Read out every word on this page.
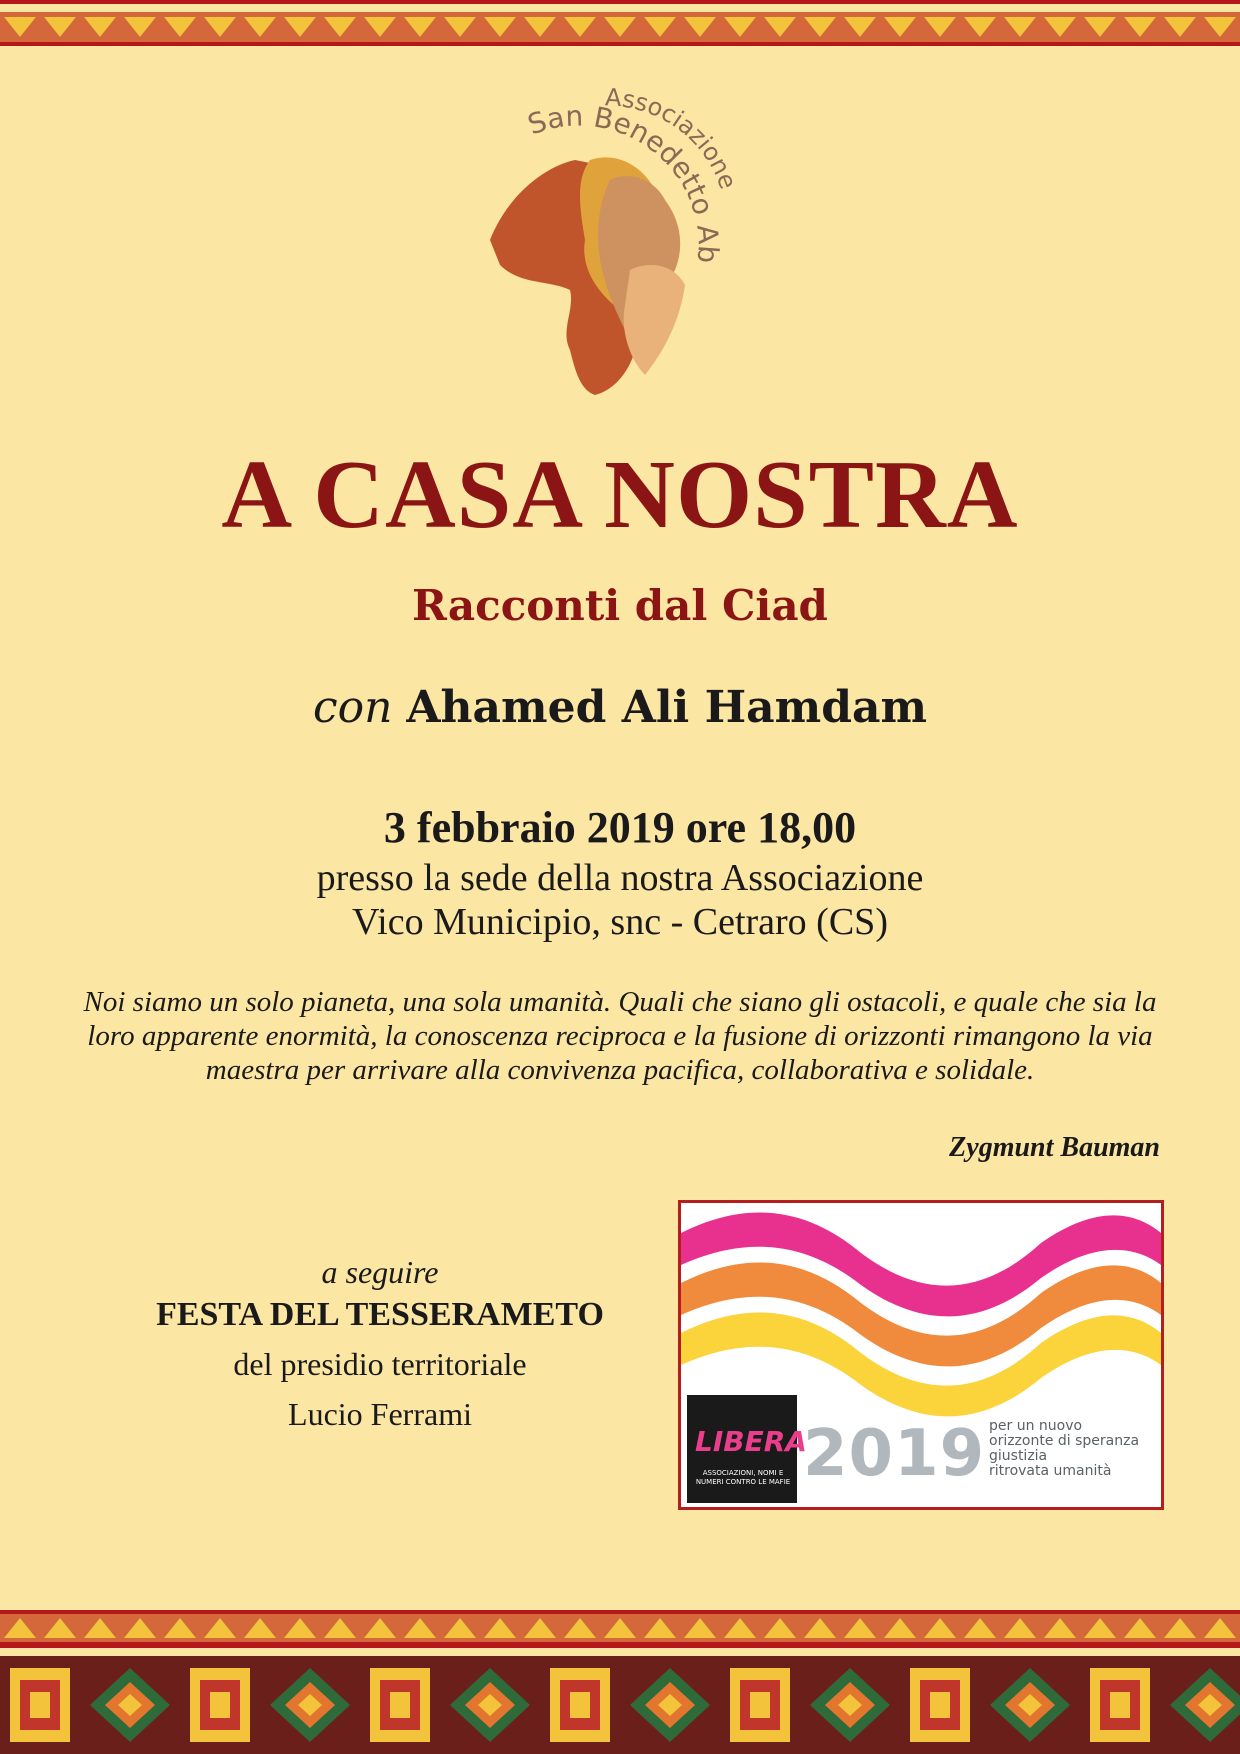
Associazione
San Benedetto Ab
A CASA NOSTRA
Racconti dal Ciad
con Ahamed Ali Hamdam
3 febbraio 2019 ore 18,00
presso la sede della nostra Associazione
Vico Municipio, snc - Cetraro (CS)
Noi siamo un solo pianeta, una sola umanità. Quali che siano gli ostacoli, e quale che sia la loro apparente enormità, la conoscenza reciproca e la fusione di orizzonti rimangono la via maestra per arrivare alla convivenza pacifica, collaborativa e solidale.
Zygmunt Bauman
a seguire
FESTA DEL TESSERAMETO
del presidio territoriale
Lucio Ferrami
LIBERA
ASSOCIAZIONI, NOMI E NUMERI CONTRO LE MAFIE 2019 per un nuovo
orizzonte di speranza
giustizia
ritrovata umanità
